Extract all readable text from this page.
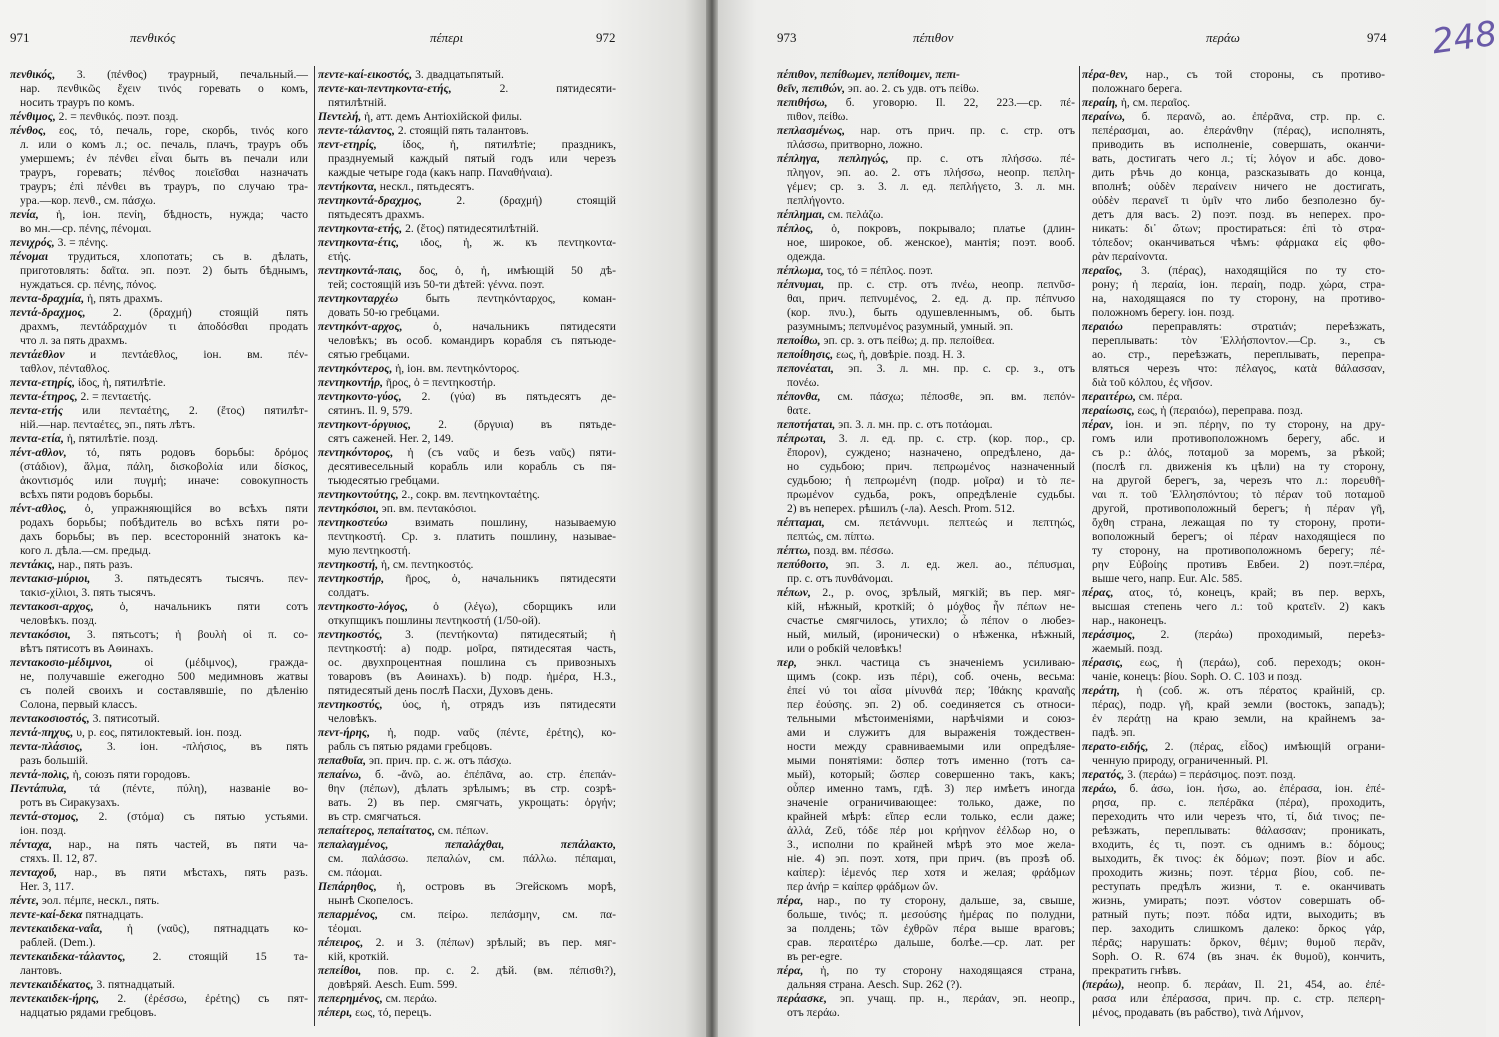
971	πενθικός	πέπερι	972
πενθικός, 3. (πένθος) траурный, печальный.—
нар. πενθικῶς ἔχειν τινός горевать о комъ,
носить трауръ по комъ.
πένθιμος, 2. = πενθικός. поэт. позд.
πένθος, εος, τό, печаль, горе, скорбь, τινός кого
л. или о комъ л.; ос. печаль, плачъ, трауръ объ
умершемъ; ἐν πένθει εἶναι быть въ печали или
трауръ, горевать; πένθος ποιεῖσθαι назначать
трауръ; ἐπὶ πένθει въ трауръ, по случаю тра-
ура.—кор. πενθ., см. πάσχω.
πενία, ἡ, іон. πενίη, бѣдность, нужда; часто
во мн.—ср. πένης, πένομαι.
πενιχρός, 3. = πένης.
πένομαι трудиться, хлопотать; съ в. дѣлать,
приготовлять: δαῖτα. эп. поэт. 2) быть бѣднымъ,
нуждаться. ср. πένης, πόνος.
πεντα-δραχμία, ἡ, пять драхмъ.
πεντά-δραχμος, 2. (δραχμή) стоящій пять
драхмъ, πεντάδραχμόν τι ἀποδόσθαι продать
что л. за пять драхмъ.
πεντάεθλον и πεντάεθλος, іон. вм. πέν-
ταθλον, πένταθλος.
πεντα-ετηρίς, ίδος, ἡ, пятилѣтіе.
πεντα-έτηρος, 2. = πενταετής.
πεντα-ετής или πενταέτης, 2. (ἔτος) пятилѣт-
ній.—нар. πενταέτες, эп., пять лѣтъ.
πεντα-ετία, ἡ, пятилѣтіе. позд.
πέντ-αθλον, τό, пять родовъ борьбы: δρόμος
(στάδιον), ἅλμα, πάλη, δισκοβολία или δίσκος,
ἀκοντισμός или πυγμή; иначе: совокупность
всѣхъ пяти родовъ борьбы.
πέντ-αθλος, ὁ, упражняющійся во всѣхъ пяти
родахъ борьбы; побѣдитель во всѣхъ пяти ро-
дахъ борьбы; въ пер. всесторонній знатокъ ка-
кого л. дѣла.—см. предыд.
πεντάκις, нар., пять разъ.
πεντακισ-μύριοι, 3. пятьдесятъ тысячъ. πεν-
τακισ-χίλιοι, 3. пять тысячъ.
πεντακοσι-αρχος, ὁ, начальникъ пяти сотъ
человѣкъ. позд.
πεντακόσιοι, 3. пятьсотъ; ἡ βουλὴ οἱ π. со-
вѣтъ пятисотъ въ Аѳинахъ.
πεντακοσιο-μέδιμνοι, οἱ (μέδιμνος), гражда-
не, получавшіе ежегодно 500 медимновъ жатвы
съ полей своихъ и составлявшіе, по дѣленію
Солона, первый классъ.
πεντακοσιοστός, 3. пятисотый.
πεντά-πηχυς, υ, р. εος, пятилоктевый. іон. позд.
πεντα-πλάσιος, 3. іон. -πλήσιος, въ пять
разъ большій.
πεντά-πολις, ἡ, союзъ пяти городовъ.
Πεντάπυλα, τά (πέντε, πύλη), названіе во-
ротъ въ Сиракузахъ.
πεντά-στομος, 2. (στόμα) съ пятью устьями.
іон. позд.
πένταχα, нар., на пять частей, въ пяти ча-
стяхъ. Il. 12, 87.
πενταχοῦ, нар., въ пяти мѣстахъ, пять разъ.
Her. 3, 117.
πέντε, эол. πέμπε, нескл., пять.
πεντε-καί-δεκα пятнадцать.
πεντεκαιδεκα-ναΐα, ἡ (ναῦς), пятнадцать ко-
раблей. (Dem.).
πεντεκαιδεκα-τάλαντος, 2. стоящій 15 та-
лантовъ.
πεντεκαιδέκατος, 3. пятнадцатый.
πεντεκαιδεκ-ήρης, 2. (ἐρέσσω, ἐρέτης) съ пят-
надцатью рядами гребцовъ.
πεντε-καί-εικοστός, 3. двадцатьпятый.
πεντε-και-πεντηκοντα-ετής, 2. пятидесяти-
пятилѣтній.
Πεντελή, ἡ, атт. демъ Антіохійской филы.
πεντε-τάλαντος, 2. стоящій пять талантовъ.
πεντ-ετηρίς, ίδος, ἡ, пятилѣтіе; праздникъ,
празднуемый каждый пятый годъ или черезъ
каждые четыре года (какъ напр. Παναθήναια).
πεντήκοντα, нескл., пятьдесятъ.
πεντηκοντά-δραχμος, 2. (δραχμή) стоящій
пятьдесятъ драхмъ.
πεντηκοντα-ετής, 2. (ἔτος) пятидесятилѣтній.
πεντηκοντα-έτις, ιδος, ἡ, ж. къ πεντηκοντα-
ετής.
πεντηκοντά-παις, δος, ὁ, ἡ, имѣющій 50 дѣ-
тей; состоящій изъ 50-ти дѣтей: γέννα. поэт.
πεντηκονταρχέω быть πεντηκόνταρχος, коман-
довать 50-ю гребцами.
πεντηκόντ-αρχος, ὁ, начальникъ пятидесяти
человѣкъ; въ особ. командиръ корабля съ пятьюде-
сятью гребцами.
πεντηκόντερος, ἡ, іон. вм. πεντηκόντορος.
πεντηκοντήρ, ῆρος, ὁ = πεντηκοστήρ.
πεντηκοντο-γύος, 2. (γύα) въ пятьдесятъ де-
сятинъ. Il. 9, 579.
πεντηκοντ-όργυιος, 2. (ὄργυια) въ пятьде-
сятъ саженей. Her. 2, 149.
πεντηκόντορος, ἡ (съ ναῦς и безъ ναῦς) пяти-
десятивесельный корабль или корабль съ пя-
тьюдесятью гребцами.
πεντηκοντούτης, 2., сокр. вм. πεντηκονταέτης.
πεντηκόσιοι, эп. вм. πεντακόσιοι.
πεντηκοστεύω взимать пошлину, называемую
πεντηκοστή. Ср. з. платить пошлину, называе-
мую πεντηκοστή.
πεντηκοστή, ἡ, см. πεντηκοστός.
πεντηκοστήρ, ῆρος, ὁ, начальникъ пятидесяти
солдатъ.
πεντηκοστο-λόγος, ὁ (λέγω), сборщикъ или
откупщикъ пошлины πεντηκοστή (1/50-ой).
πεντηκοστός, 3. (πεντήκοντα) пятидесятый; ἡ
πεντηκοστή: а) подр. μοῖρα, пятидесятая часть,
ос. двухпроцентная пошлина съ привозныхъ
товаровъ (въ Аѳинахъ). b) подр. ἡμέρα, Н.З.,
пятидесятый день послѣ Пасхи, Духовъ день.
πεντηκοστύς, ύος, ἡ, отрядъ изъ пятидесяти
человѣкъ.
πεντ-ήρης, ἡ, подр. ναῦς (πέντε, ἐρέτης), ко-
рабль съ пятью рядами гребцовъ.
πεπαθυῖα, эп. прич. пр. с. ж. отъ πάσχω.
πεπαίνω, б. -ᾰνῶ, ао. ἐπέπᾱνα, ао. стр. ἐπεπάν-
θην (πέπων), дѣлать зрѣлымъ; въ стр. созрѣ-
вать. 2) въ пер. смягчать, укрощать: ὀργήν;
въ стр. смягчаться.
πεπαίτερος, πεπαίτατος, см. πέπων.
πεπαλαγμένος, πεπαλάχθαι, πεπάλακτο,
см. παλάσσω. πεπαλών, см. πάλλω. πέπαμαι,
см. πάομαι.
Πεπάρηθος, ἡ, островъ въ Эгейскомъ морѣ,
нынѣ Скопелосъ.
πεπαρμένος, см. πείρω. πεπάσμην, см. πα-
τέομαι.
πέπειρος, 2. и 3. (πέπων) зрѣлый; въ пер. мяг-
кій, кроткій.
πεπείθοι, пов. пр. с. 2. дѣй. (вм. πέπισθι?),
довѣряй. Aesch. Eum. 599.
πεπερημένος, см. περάω.
πέπερι, εως, τό, перецъ.
973	πέπιθον	περάω	974
πέπιθον, πεπίθωμεν, πεπίθοιμεν, πεπι-
θεῖν, πεπιθών, эп. ао. 2. съ удв. отъ πείθω.
πεπιθήσω, б. уговорю. Il. 22, 223.—ср. πέ-
πιθον, πείθω.
πεπλασμένως, нар. отъ прич. пр. с. стр. отъ
πλάσσω, притворно, ложно.
πέπληγα, πεπληγώς, пр. с. отъ πλήσσω. πέ-
πληγον, эп. ао. 2. отъ πλήσσω, неопр. πεπλη-
γέμεν; ср. з. 3. л. ед. πεπλήγετο, 3. л. мн.
πεπλήγοντο.
πέπλημαι, см. πελάζω.
πέπλος, ὁ, покровъ, покрывало; платье (длин-
ное, широкое, об. женское), мантія; поэт. вооб.
одежда.
πέπλωμα, τος, τό = πέπλος. поэт.
πέπνυμαι, пр. с. стр. отъ πνέω, неопр. πεπνῦσ-
θαι, прич. πεπνυμένος, 2. ед. д. пр. πέπνυσο
(кор. πνυ.), быть одушевленнымъ, об. быть
разумнымъ; πεπνυμένος разумный, умный. эп.
πεποίθω, эп. ср. з. отъ πείθω; д. пр. πεποίθεα.
πεποίθησις, εως, ἡ, довѣріе. позд. Н. З.
πεπονέαται, эп. 3. л. мн. пр. с. ср. з., отъ
πονέω.
πέπονθα, см. πάσχω; πέποσθε, эп. вм. πεπόν-
θατε.
πεποτήαται, эп. 3. л. мн. пр. с. отъ ποτάομαι.
πέπρωται, 3. л. ед. пр. с. стр. (кор. πορ., ср.
ἔπορον), суждено; назначено, опредѣлено, да-
но судьбою; прич. πεπρωμένος назначенный
судьбою; ἡ πεπρωμένη (подр. μοῖρα) и τὸ πε-
πρωμένον судьба, рокъ, опредѣленіе судьбы.
2) въ неперех. рѣшилъ (-ла). Aesch. Prom. 512.
πέπταμαι, см. πετάννυμι. πεπτεώς и πεπτηώς,
πεπτώς, см. πίπτω.
πέπτω, позд. вм. πέσσω.
πεπύθοιτο, эп. 3. л. ед. жел. ао., πέπυσμαι,
пр. с. отъ πυνθάνομαι.
πέπων, 2., р. ονος, зрѣлый, мягкій; въ пер. мяг-
кій, нѣжный, кроткій; ὁ μόχθος ἦν πέπων не-
счастье смягчилось, утихло; ὦ πέπον о любез-
ный, милый, (иронически) о нѣженка, нѣжный,
или о робкій человѣкъ!
περ, энкл. частица съ значеніемъ усиливаю-
щимъ (сокр. изъ πέρι), соб. очень, весьма:
ἐπεί νύ τοι αἶσα μίνυνθά περ; Ἰθάκης κραναῆς
περ ἐούσης. эп. 2) об. соединяется съ относи-
тельными мѣстоименіями, нарѣчіями и союз-
ами и служитъ для выраженія тождествен-
ности между сравниваемыми или опредѣляе-
мыми понятіями: ὅσπερ тотъ именно (тотъ са-
мый), который; ὥσπερ совершенно такъ, какъ;
οὗπερ именно тамъ, гдѣ. 3) περ имѣетъ иногда
значеніе ограничивающее: только, даже, по
крайней мѣрѣ: εἴπερ если только, если даже;
ἀλλά, Ζεῦ, τόδε πέρ μοι κρήηνον ἐέλδωρ но, о
З., исполни по крайней мѣрѣ это мое жела-
ніе. 4) эп. поэт. хотя, при прич. (въ прозѣ об.
καίπερ): ἱέμενός περ хотя и желая; φράδμων
περ ἀνήρ = καίπερ φράδμων ὤν.
πέρα, нар., по ту сторону, дальше, за, свыше,
больше, τινός; π. μεσούσης ἡμέρας по полудни,
за полдень; τῶν ἐχθρῶν πέρα выше враговъ;
срав. περαιτέρω дальше, болѣе.—ср. лат. per
въ per-egre.
πέρα, ἡ, по ту сторону находящаяся страна,
дальняя страна. Aesch. Sup. 262 (?).
περάασκε, эп. учащ. пр. н., περάαν, эп. неопр.,
отъ περάω.
πέρα-θεν, нар., съ той стороны, съ противо-
положнаго берега.
περαίη, ἡ, см. περαῖος.
περαίνω, б. περανῶ, ао. ἐπέρᾱνα, стр. пр. с.
πεπέρασμαι, ао. ἐπεράνθην (πέρας), исполнять,
приводить въ исполненіе, совершать, оканчи-
вать, достигать чего л.; τί; λόγον и абс. дово-
дить рѣчь до конца, разсказывать до конца,
вполнѣ; οὐδὲν περαίνειν ничего не достигать,
οὐδὲν περανεῖ τι ὑμῖν что либо безполезно бу-
детъ для васъ. 2) поэт. позд. въ неперех. про-
никать: δι᾽ ὤτων; простираться: ἐπὶ τὸ στρα-
τόπεδον; оканчиваться чѣмъ: φάρμακα εἰς φθο-
ρὰν περαίνοντα.
περαῖος, 3. (πέρας), находящійся по ту сто-
рону; ἡ περαία, іон. περαίη, подр. χώρα, стра-
на, находящаяся по ту сторону, на противо-
положномъ берегу. іон. позд.
περαιόω переправлять: στρατιάν; переѣзжать,
переплывать: τὸν Ἑλλήσποντον.—Ср. з., съ
ао. стр., переѣзжать, переплывать, перепра-
вляться черезъ что: πέλαγος, κατὰ θάλασσαν,
διὰ τοῦ κόλπου, ἐς νῆσον.
περαιτέρω, см. πέρα.
περαίωσις, εως, ἡ (περαιόω), переправа. позд.
πέραν, іон. и эп. πέρην, по ту сторону, на дру-
гомъ или противоположномъ берегу, абс. и
съ р.: ἁλός, ποταμοῦ за моремъ, за рѣкой;
(послѣ гл. движенія къ цѣли) на ту сторону,
на другой берегъ, за, черезъ что л.: πορευθῆ-
ναι π. τοῦ Ἑλλησπόντου; τὸ πέραν τοῦ ποταμοῦ
другой, противоположный берегъ; ἡ πέραν γῆ,
ὄχθη страна, лежащая по ту сторону, проти-
воположный берегъ; οἱ πέραν находящіеся по
ту сторону, на противоположномъ берегу; πέ-
ρην Εὐβοίης противъ Евбеи. 2) поэт.=πέρα,
выше чего, напр. Eur. Alc. 585.
πέρας, ατος, τό, конецъ, край; въ пер. верхъ,
высшая степень чего л.: τοῦ κρατεῖν. 2) какъ
нар., наконецъ.
περάσιμος, 2. (περάω) проходимый, переѣз-
жаемый. позд.
πέρασις, εως, ἡ (περάω), соб. переходъ; окон-
чаніе, конецъ: βίου. Soph. O. C. 103 и позд.
περάτη, ἡ (соб. ж. отъ πέρατος крайній, ср.
πέρας), подр. γῆ, край земли (востокъ, западъ);
ἐν περάτῃ на краю земли, на крайнемъ за-
падѣ. эп.
περατο-ειδής, 2. (πέρας, εἶδος) имѣющій ограни-
ченную природу, ограниченный. Pl.
περατός, 3. (περάω) = περάσιμος. поэт. позд.
περάω, б. άσω, іон. ήσω, ао. ἐπέρασα, іон. ἐπέ-
ρησα, пр. с. πεπέρᾱκα (πέρα), проходить,
переходить что или черезъ что, τί, διά τινος; пе-
реѣзжать, переплывать: θάλασσαν; проникать,
входить, ἐς τι, поэт. съ однимъ в.: δόμους;
выходить, ἔκ τινος: ἐκ δόμων; поэт. βίον и абс.
проходить жизнь; поэт. τέρμα βίου, соб. пе-
реступать предѣлъ жизни, т. е. оканчивать
жизнь, умирать; поэт. νόστον совершать об-
ратный путь; поэт. πόδα идти, выходить; въ
пер. заходить слишкомъ далеко: ὅρκος γάρ,
πέρᾱς; нарушать: ὅρκον, θέμιν; θυμοῦ περᾶν,
Soph. O. R. 674 (въ знач. ἐκ θυμοῦ), кончить,
прекратить гнѣвъ.
(περάω), неопр. б. περάαν, Il. 21, 454, ао. ἐπέ-
ρασα или ἐπέρασσα, прич. пр. с. стр. πεπερη-
μένος, продавать (въ рабство), τινὰ Λήμνον,
248
